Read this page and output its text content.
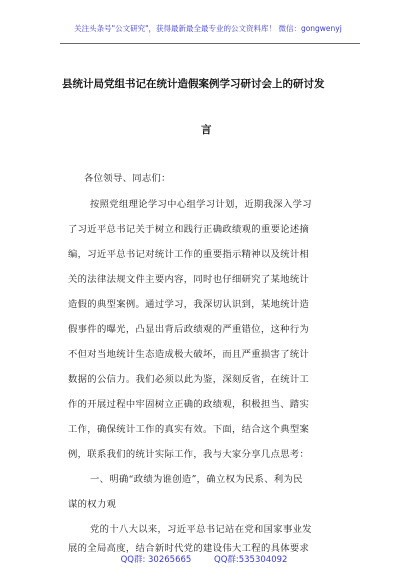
关注头条号"公文研究"，获得最新最全最专业的公文资料库！ 微信：gongwenyj
县统计局党组书记在统计造假案例学习研讨会上的研讨发
言
各位领导、同志们：
按照党组理论学习中心组学习计划，近期我深入学习
了习近平总书记关于树立和践行正确政绩观的重要论述摘
编，习近平总书记对统计工作的重要指示精神以及统计相
关的法律法规文件主要内容，同时也仔细研究了某地统计
造假的典型案例。通过学习，我深切认识到，某地统计造
假事件的曝光，凸显出背后政绩观的严重错位，这种行为
不但对当地统计生态造成极大破坏，而且严重损害了统计
数据的公信力。我们必须以此为鉴，深刻反省，在统计工
作的开展过程中牢固树立正确的政绩观，积极担当、踏实
工作，确保统计工作的真实有效。下面，结合这个典型案
例，联系我们的统计实际工作，我与大家分享几点思考：
一、明确“政绩为谁创造”，确立权为民系、利为民
谋的权力观
党的十八大以来，习近平总书记站在党和国家事业发
QQ群: 30265665	QQ群:535304092
展的全局高度，结合新时代党的建设伟大工程的具体要求
